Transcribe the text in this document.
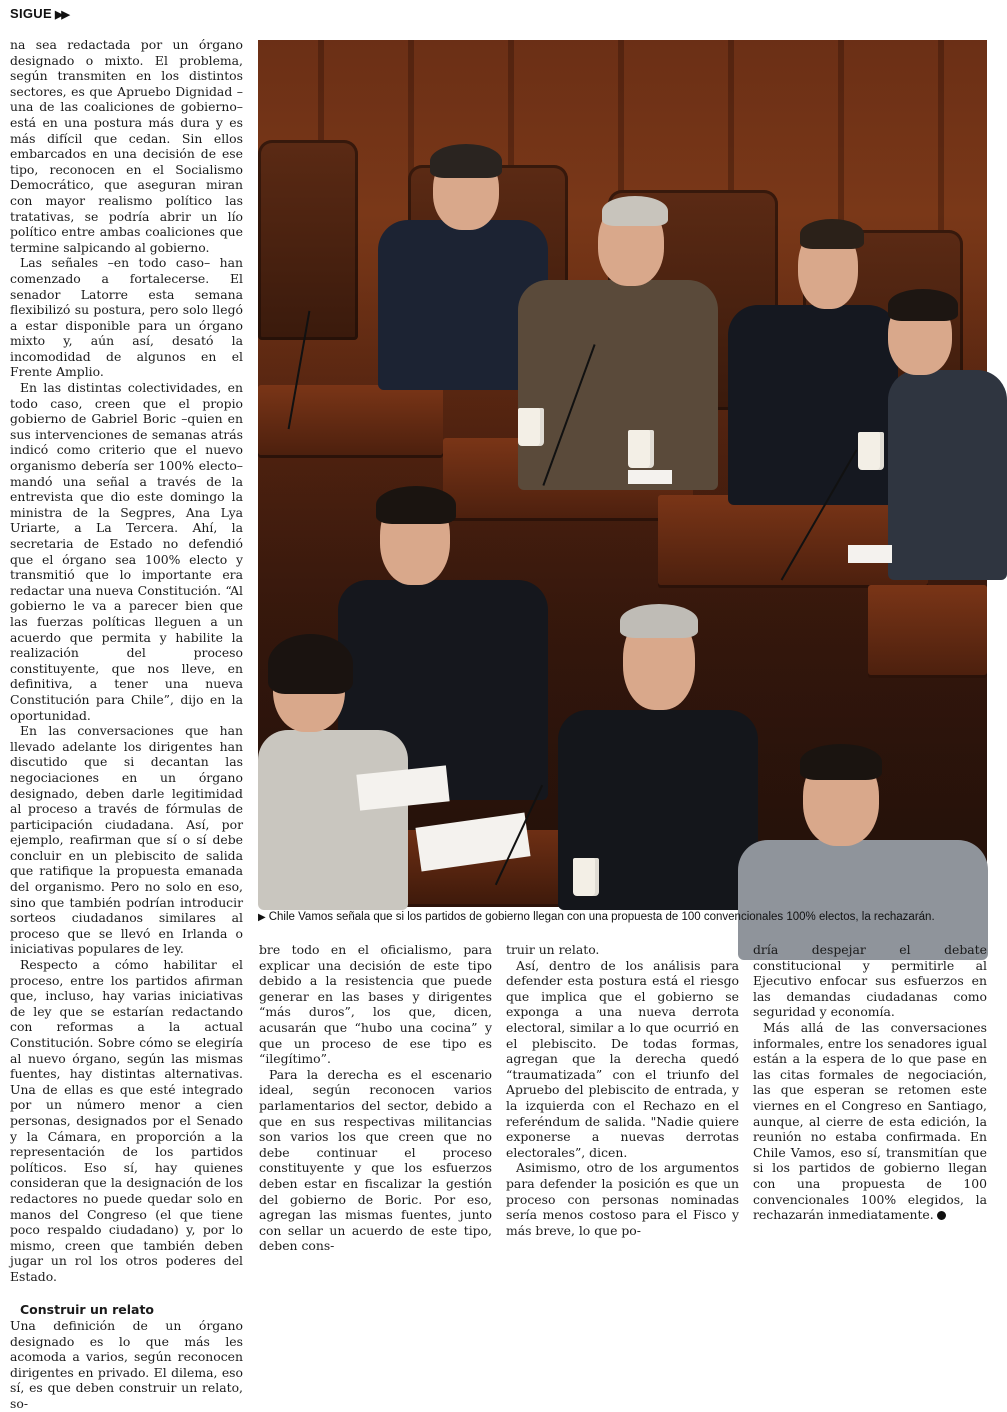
SIGUE ▶▶

na sea redactada por un órgano designado o mixto. El problema, según transmiten en los distintos sectores, es que Apruebo Dignidad –una de las coaliciones de gobierno– está en una postura más dura y es más difícil que cedan. Sin ellos embarcados en una decisión de ese tipo, reconocen en el Socialismo Democrático, que aseguran miran con mayor realismo político las tratativas, se podría abrir un lío político entre ambas coaliciones que termine salpicando al gobierno.

Las señales –en todo caso– han comenzado a fortalecerse. El senador Latorre esta semana flexibilizó su postura, pero solo llegó a estar disponible para un órgano mixto y, aún así, desató la incomodidad de algunos en el Frente Amplio.

En las distintas colectividades, en todo caso, creen que el propio gobierno de Gabriel Boric –quien en sus intervenciones de semanas atrás indicó como criterio que el nuevo organismo debería ser 100% electo– mandó una señal a través de la entrevista que dio este domingo la ministra de la Segpres, Ana Lya Uriarte, a La Tercera. Ahí, la secretaria de Estado no defendió que el órgano sea 100% electo y transmitió que lo importante era redactar una nueva Constitución. “Al gobierno le va a parecer bien que las fuerzas políticas lleguen a un acuerdo que permita y habilite la realización del proceso constituyente, que nos lleve, en definitiva, a tener una nueva Constitución para Chile”, dijo en la oportunidad.

En las conversaciones que han llevado adelante los dirigentes han discutido que si decantan las negociaciones en un órgano designado, deben darle legitimidad al proceso a través de fórmulas de participación ciudadana. Así, por ejemplo, reafirman que sí o sí debe concluir en un plebiscito de salida que ratifique la propuesta emanada del organismo. Pero no solo en eso, sino que también podrían introducir sorteos ciudadanos similares al proceso que se llevó en Irlanda o iniciativas populares de ley.

Respecto a cómo habilitar el proceso, entre los partidos afirman que, incluso, hay varias iniciativas de ley que se estarían redactando con reformas a la actual Constitución. Sobre cómo se elegiría al nuevo órgano, según las mismas fuentes, hay distintas alternativas. Una de ellas es que esté integrado por un número menor a cien personas, designados por el Senado y la Cámara, en proporción a la representación de los partidos políticos. Eso sí, hay quienes consideran que la designación de los redactores no puede quedar solo en manos del Congreso (el que tiene poco respaldo ciudadano) y, por lo mismo, creen que también deben jugar un rol los otros poderes del Estado.

Construir un relato

Una definición de un órgano designado es lo que más les acomoda a varios, según reconocen dirigentes en privado. El dilema, eso sí, es que deben construir un relato, so-

▶ Chile Vamos señala que si los partidos de gobierno llegan con una propuesta de 100 convencionales 100% electos, la rechazarán.

bre todo en el oficialismo, para explicar una decisión de este tipo debido a la resistencia que puede generar en las bases y dirigentes “más duros”, los que, dicen, acusarán que “hubo una cocina” y que un proceso de ese tipo es “ilegítimo”.

Para la derecha es el escenario ideal, según reconocen varios parlamentarios del sector, debido a que en sus respectivas militancias son varios los que creen que no debe continuar el proceso constituyente y que los esfuerzos deben estar en fiscalizar la gestión del gobierno de Boric. Por eso, agregan las mismas fuentes, junto con sellar un acuerdo de este tipo, deben cons-

truir un relato.

Así, dentro de los análisis para defender esta postura está el riesgo que implica que el gobierno se exponga a una nueva derrota electoral, similar a lo que ocurrió en el plebiscito. De todas formas, agregan que la derecha quedó “traumatizada” con el triunfo del Apruebo del plebiscito de entrada, y la izquierda con el Rechazo en el referéndum de salida. "Nadie quiere exponerse a nuevas derrotas electorales”, dicen.

Asimismo, otro de los argumentos para defender la posición es que un proceso con personas nominadas sería menos costoso para el Fisco y más breve, lo que po-

dría despejar el debate constitucional y permitirle al Ejecutivo enfocar sus esfuerzos en las demandas ciudadanas como seguridad y economía.

Más allá de las conversaciones informales, entre los senadores igual están a la espera de lo que pase en las citas formales de negociación, las que esperan se retomen este viernes en el Congreso en Santiago, aunque, al cierre de esta edición, la reunión no estaba confirmada. En Chile Vamos, eso sí, transmitían que si los partidos de gobierno llegan con una propuesta de 100 convencionales 100% elegidos, la rechazarán inmediatamente.
